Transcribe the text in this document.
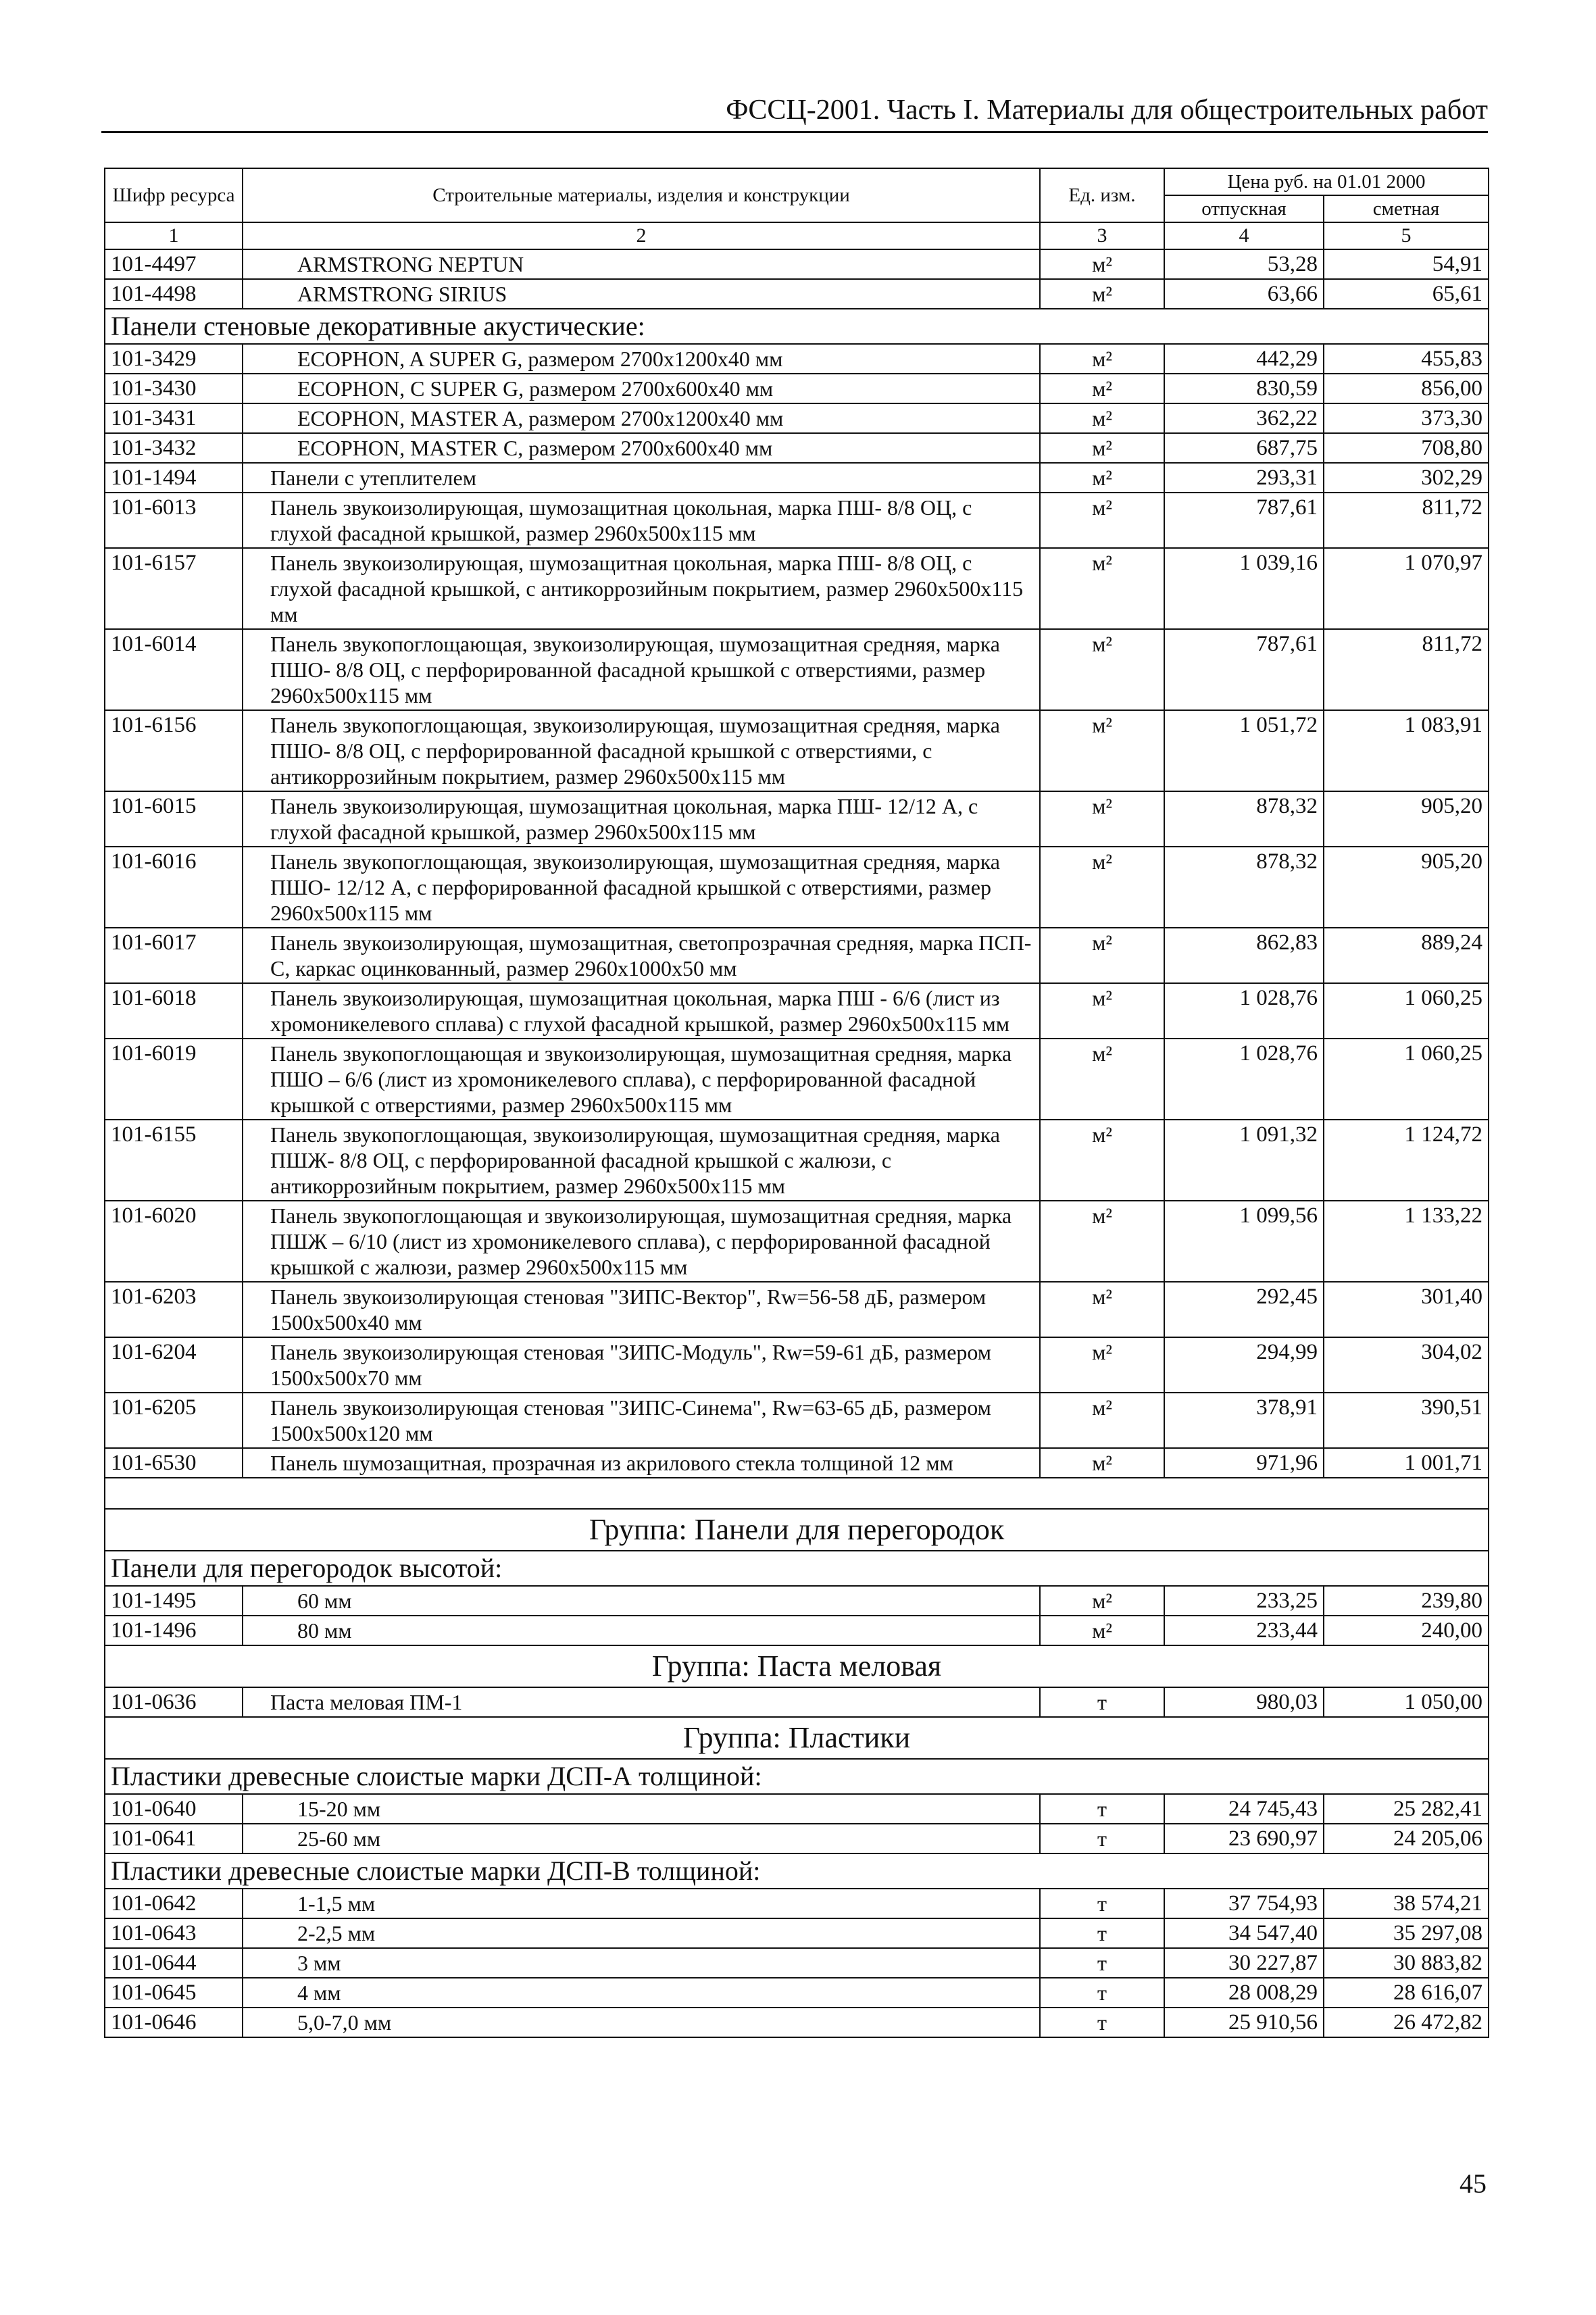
ФССЦ-2001. Часть I. Материалы для общестроительных работ
Шифр ресурса	Строительные материалы, изделия и конструкции	Ед. изм.	Цена руб. на 01.01 2000	
			отпускная	сметная
1	2	3	4	5
101-4497	ARMSTRONG NEPTUN	м²	53,28	54,91
101-4498	ARMSTRONG SIRIUS	м²	63,66	65,61
Панели стеновые декоративные акустические:				
101-3429	ECOPHON, A SUPER G, размером 2700x1200x40 мм	м²	442,29	455,83
101-3430	ECOPHON, C SUPER G, размером 2700x600x40 мм	м²	830,59	856,00
101-3431	ECOPHON, MASTER A, размером 2700x1200x40 мм	м²	362,22	373,30
101-3432	ECOPHON, MASTER C, размером 2700x600x40 мм	м²	687,75	708,80
101-1494	Панели с утеплителем	м²	293,31	302,29
101-6013	Панель звукоизолирующая, шумозащитная цокольная, марка ПШ- 8/8 ОЦ, с глухой фасадной крышкой, размер 2960x500x115 мм	м²	787,61	811,72
101-6157	Панель звукоизолирующая, шумозащитная цокольная, марка ПШ- 8/8 ОЦ, с глухой фасадной крышкой, с антикоррозийным покрытием, размер 2960x500x115 мм	м²	1 039,16	1 070,97
101-6014	Панель звукопоглощающая, звукоизолирующая, шумозащитная средняя, марка ПШО- 8/8 ОЦ, с перфорированной фасадной крышкой с отверстиями, размер 2960x500x115 мм	м²	787,61	811,72
101-6156	Панель звукопоглощающая, звукоизолирующая, шумозащитная средняя, марка ПШО- 8/8 ОЦ, с перфорированной фасадной крышкой с отверстиями, с антикоррозийным покрытием, размер 2960x500x115 мм	м²	1 051,72	1 083,91
101-6015	Панель звукоизолирующая, шумозащитная цокольная, марка ПШ- 12/12 А, с глухой фасадной крышкой, размер 2960x500x115 мм	м²	878,32	905,20
101-6016	Панель звукопоглощающая, звукоизолирующая, шумозащитная средняя, марка ПШО- 12/12 А, с перфорированной фасадной крышкой с отверстиями, размер 2960x500x115 мм	м²	878,32	905,20
101-6017	Панель звукоизолирующая, шумозащитная, светопрозрачная средняя, марка ПСП-С, каркас оцинкованный, размер 2960x1000x50 мм	м²	862,83	889,24
101-6018	Панель звукоизолирующая, шумозащитная цокольная, марка ПШ - 6/6 (лист из хромоникелевого сплава) с глухой фасадной крышкой, размер 2960x500x115 мм	м²	1 028,76	1 060,25
101-6019	Панель звукопоглощающая и звукоизолирующая, шумозащитная средняя, марка ПШО – 6/6 (лист из хромоникелевого сплава), с перфорированной фасадной крышкой с отверстиями, размер 2960x500x115 мм	м²	1 028,76	1 060,25
101-6155	Панель звукопоглощающая, звукоизолирующая, шумозащитная средняя, марка ПШЖ- 8/8 ОЦ, с перфорированной фасадной крышкой с жалюзи, с антикоррозийным покрытием, размер 2960x500x115 мм	м²	1 091,32	1 124,72
101-6020	Панель звукопоглощающая и звукоизолирующая, шумозащитная средняя, марка ПШЖ – 6/10 (лист из хромоникелевого сплава), с перфорированной фасадной крышкой с жалюзи, размер 2960x500x115 мм	м²	1 099,56	1 133,22
101-6203	Панель звукоизолирующая стеновая "ЗИПС-Вектор", Rw=56-58 дБ, размером 1500x500x40 мм	м²	292,45	301,40
101-6204	Панель звукоизолирующая стеновая "ЗИПС-Модуль", Rw=59-61 дБ, размером 1500x500x70 мм	м²	294,99	304,02
101-6205	Панель звукоизолирующая стеновая "ЗИПС-Синема", Rw=63-65 дБ, размером 1500x500x120 мм	м²	378,91	390,51
101-6530	Панель шумозащитная, прозрачная из акрилового стекла толщиной 12 мм	м²	971,96	1 001,71

Группа: Панели для перегородок				
Панели для перегородок высотой:				
101-1495	60 мм	м²	233,25	239,80
101-1496	80 мм	м²	233,44	240,00
Группа: Паста меловая				
101-0636	Паста меловая ПМ-1	т	980,03	1 050,00
Группа: Пластики				
Пластики древесные слоистые марки ДСП-А толщиной:				
101-0640	15-20 мм	т	24 745,43	25 282,41
101-0641	25-60 мм	т	23 690,97	24 205,06
Пластики древесные слоистые марки ДСП-В толщиной:				
101-0642	1-1,5 мм	т	37 754,93	38 574,21
101-0643	2-2,5 мм	т	34 547,40	35 297,08
101-0644	3 мм	т	30 227,87	30 883,82
101-0645	4 мм	т	28 008,29	28 616,07
101-0646	5,0-7,0 мм	т	25 910,56	26 472,82
45
